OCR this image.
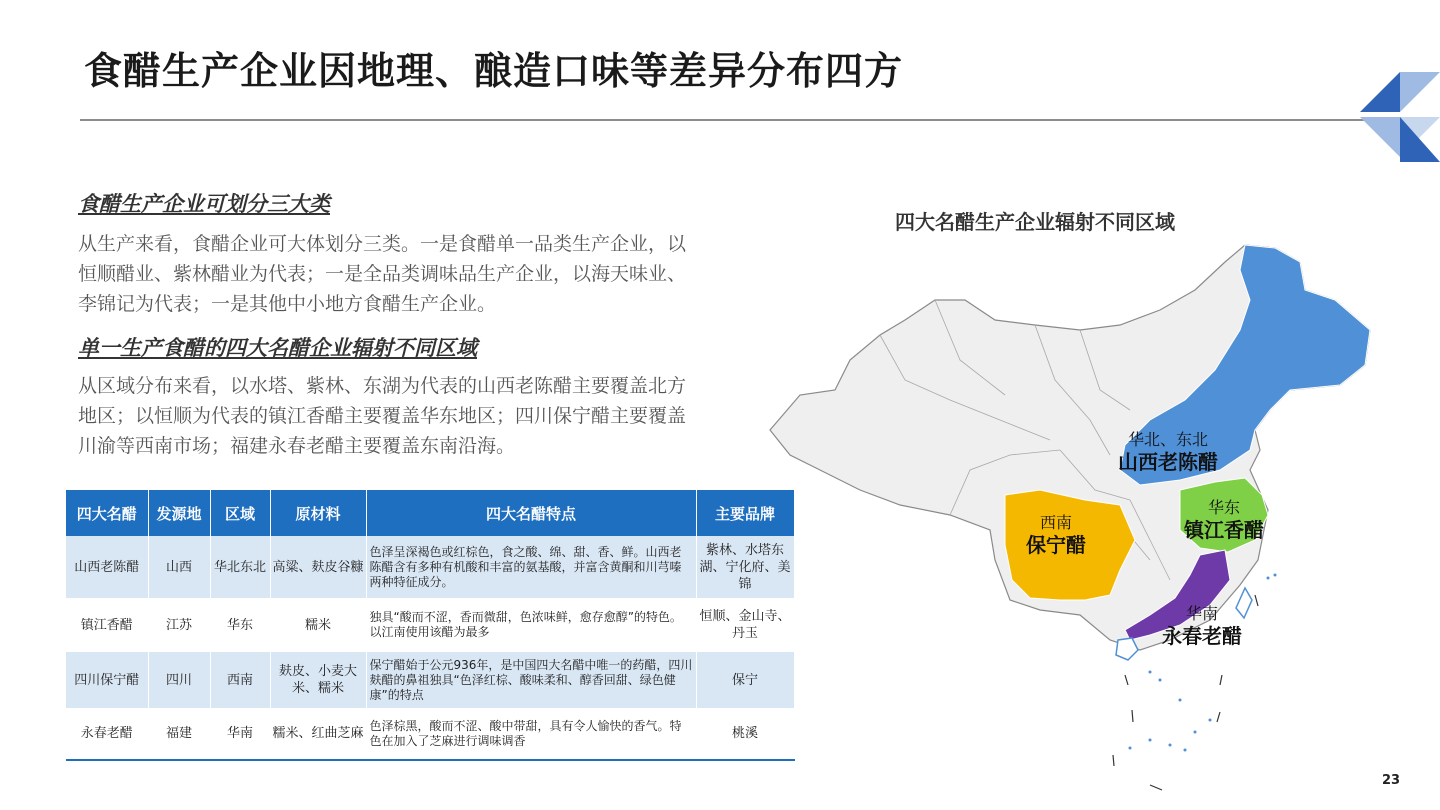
食醋生产企业因地理、酿造口味等差异分布四方
食醋生产企业可划分三大类
从生产来看，食醋企业可大体划分三类。一是食醋单一品类生产企业，以恒顺醋业、紫林醋业为代表；一是全品类调味品生产企业，以海天味业、李锦记为代表；一是其他中小地方食醋生产企业。
单一生产食醋的四大名醋企业辐射不同区域
从区域分布来看，以水塔、紫林、东湖为代表的山西老陈醋主要覆盖北方地区；以恒顺为代表的镇江香醋主要覆盖华东地区；四川保宁醋主要覆盖川渝等西南市场；福建永春老醋主要覆盖东南沿海。
四大名醋	发源地	区域	原材料	四大名醋特点	主要品牌
山西老陈醋	山西	华北东北	高粱、麸皮谷糠	色泽呈深褐色或红棕色，食之酸、绵、甜、香、鲜。山西老陈醋含有多种有机酸和丰富的氨基酸，并富含黄酮和川芎嗪两种特征成分。	紫林、水塔东湖、宁化府、美锦
镇江香醋	江苏	华东	糯米	独具“酸而不涩，香而微甜，色浓味鲜，愈存愈醇”的特色。以江南使用该醋为最多	恒顺、金山寺、丹玉
四川保宁醋	四川	西南	麸皮、小麦大米、糯米	保宁醋始于公元936年，是中国四大名醋中唯一的药醋，四川麸醋的鼻祖独具“色泽红棕、酸味柔和、醇香回甜、绿色健康”的特点	保宁
永春老醋	福建	华南	糯米、红曲芝麻	色泽棕黑，酸而不涩、酸中带甜，具有令人愉快的香气。特色在加入了芝麻进行调味调香	桃溪
四大名醋生产企业辐射不同区域
华北、东北
山西老陈醋
华东
镇江香醋
西南
保宁醋
华南
永春老醋
23
